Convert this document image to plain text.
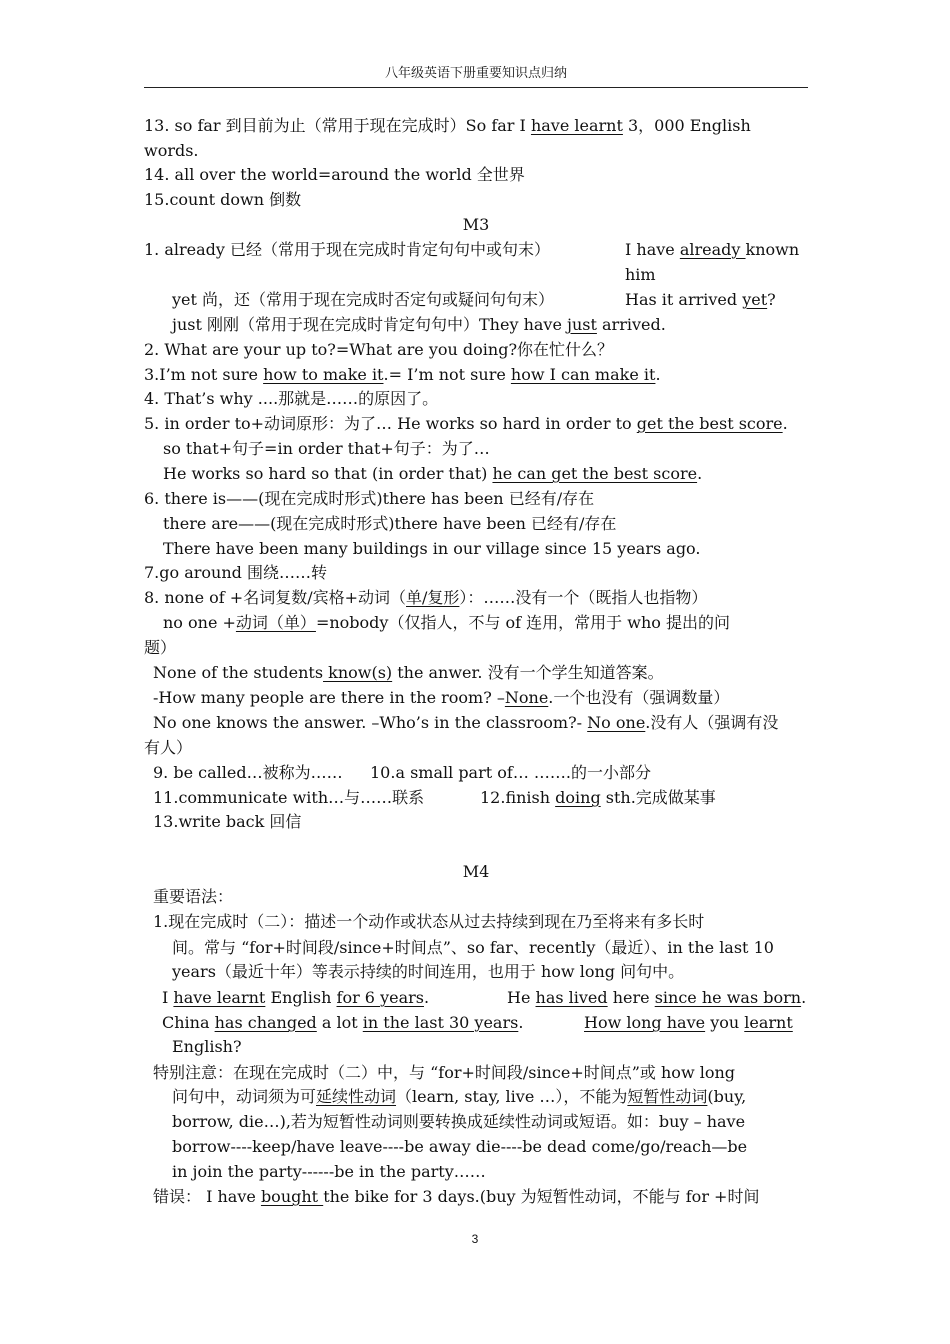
八年级英语下册重要知识点归纳
13. so far 到目前为止（常用于现在完成时）So far I have learnt 3，000 English
words.
14. all over the world=around the world 全世界
15.count down 倒数
M3
1. already 已经（常用于现在完成时肯定句句中或句末）	I have already known
him
yet 尚，还（常用于现在完成时否定句或疑问句句末）	Has it arrived yet?
just 刚刚（常用于现在完成时肯定句句中）They have just arrived.
2. What are your up to?=What are you doing?你在忙什么？
3.I’m not sure how to make it.= I’m not sure how I can make it.
4. That’s why ....那就是……的原因了。
5. in order to+动词原形：为了… He works so hard in order to get the best score.
so that+句子=in order that+句子：为了…
He works so hard so that (in order that) he can get the best score.
6. there is——(现在完成时形式)there has been 已经有/存在
there are——(现在完成时形式)there have been 已经有/存在
There have been many buildings in our village since 15 years ago.
7.go around 围绕……转
8. none of +名词复数/宾格+动词（单/复形）：……没有一个（既指人也指物）
no one +动词（单）=nobody（仅指人，不与 of 连用，常用于 who 提出的问
题）
None of the students know(s) the anwer. 没有一个学生知道答案。
-How many people are there in the room? –None.一个也没有（强调数量）
No one knows the answer. –Who’s in the classroom?- No one.没有人（强调有没
有人）
9. be called…被称为…… 10.a small part of… …….的一小部分
11.communicate with…与……联系	12.finish doing sth.完成做某事
13.write back 回信
M4
重要语法：
1.现在完成时（二）：描述一个动作或状态从过去持续到现在乃至将来有多长时
间。常与 “for+时间段/since+时间点”、so far、recently（最近）、in the last 10
years（最近十年）等表示持续的时间连用，也用于 how long 问句中。
I have learnt English for 6 years.	He has lived here since he was born.
China has changed a lot in the last 30 years.	How long have you learnt
English?
特别注意：在现在完成时（二）中，与 “for+时间段/since+时间点”或 how long
问句中，动词须为可延续性动词（learn, stay, live …），不能为短暂性动词(buy,
borrow, die…),若为短暂性动词则要转换成延续性动词或短语。如：buy – have
borrow----keep/have leave----be away die----be dead come/go/reach—be
in join the party------be in the party……
错误： I have bought the bike for 3 days.(buy 为短暂性动词，不能与 for +时间
3
